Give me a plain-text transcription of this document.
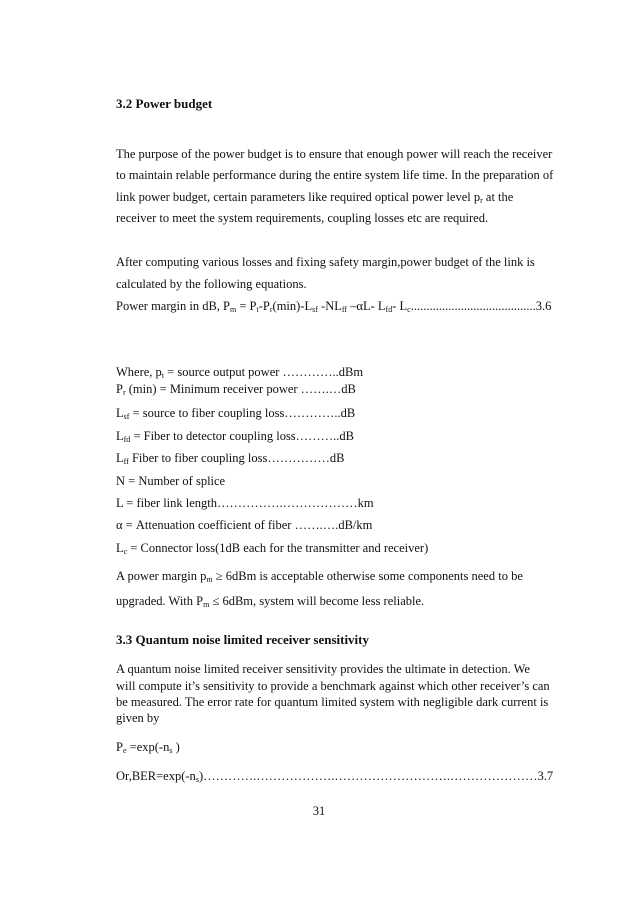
3.2 Power budget
The purpose of the power budget is to ensure that enough power will reach the receiver
to maintain relable performance during the entire system life time. In the preparation of
link power budget, certain parameters like required optical power level $p_r$ at the
receiver to meet the system requirements, coupling losses etc are required.
After computing various losses and fixing safety margin,power budget of the link is
calculated by the following equations.
Power margin in dB, $P_m = P_t-P_r(\min)-L_{sf}$ $-NL_{ff}$ –αL- $L_{fd}-$ $L_c........................................3.6$
Where, $p_t$ = source output power …………..dBm
$P_r$ (min) = Minimum receiver power …….…dB
$L_{sf}$ = source to fiber coupling loss…………..dB
$L_{fd}$ = Fiber to detector coupling loss………..dB
$L_{ff}$ Fiber to fiber coupling loss……………dB
N = Number of splice
L = fiber link length…………….………………km
α = Attenuation coefficient of fiber …….….dB/km
$L_c$ = Connector loss(1dB each for the transmitter and receiver)
A power margin $p_m \ge 6dBm$ is acceptable otherwise some components need to be
upgraded. With $P_m \le 6dBm$, system will become less reliable.
3.3 Quantum noise limited receiver sensitivity
A quantum noise limited receiver sensitivity provides the ultimate in detection. We
will compute it’s sensitivity to provide a benchmark against which other receiver’s can
be measured. The error rate for quantum limited system with negligible dark current is
given by
$P_e =\exp(-n_s$ )
$Or,BER=\exp(-n_s)\dots\dots\dots\dots.\dots\dots\dots\dots\dots\dots.\dots\dots\dots\dots\dots\dots\dots\dots\dots.\dots\dots\dots\dots\dots\dots\dots 3.7$
31
